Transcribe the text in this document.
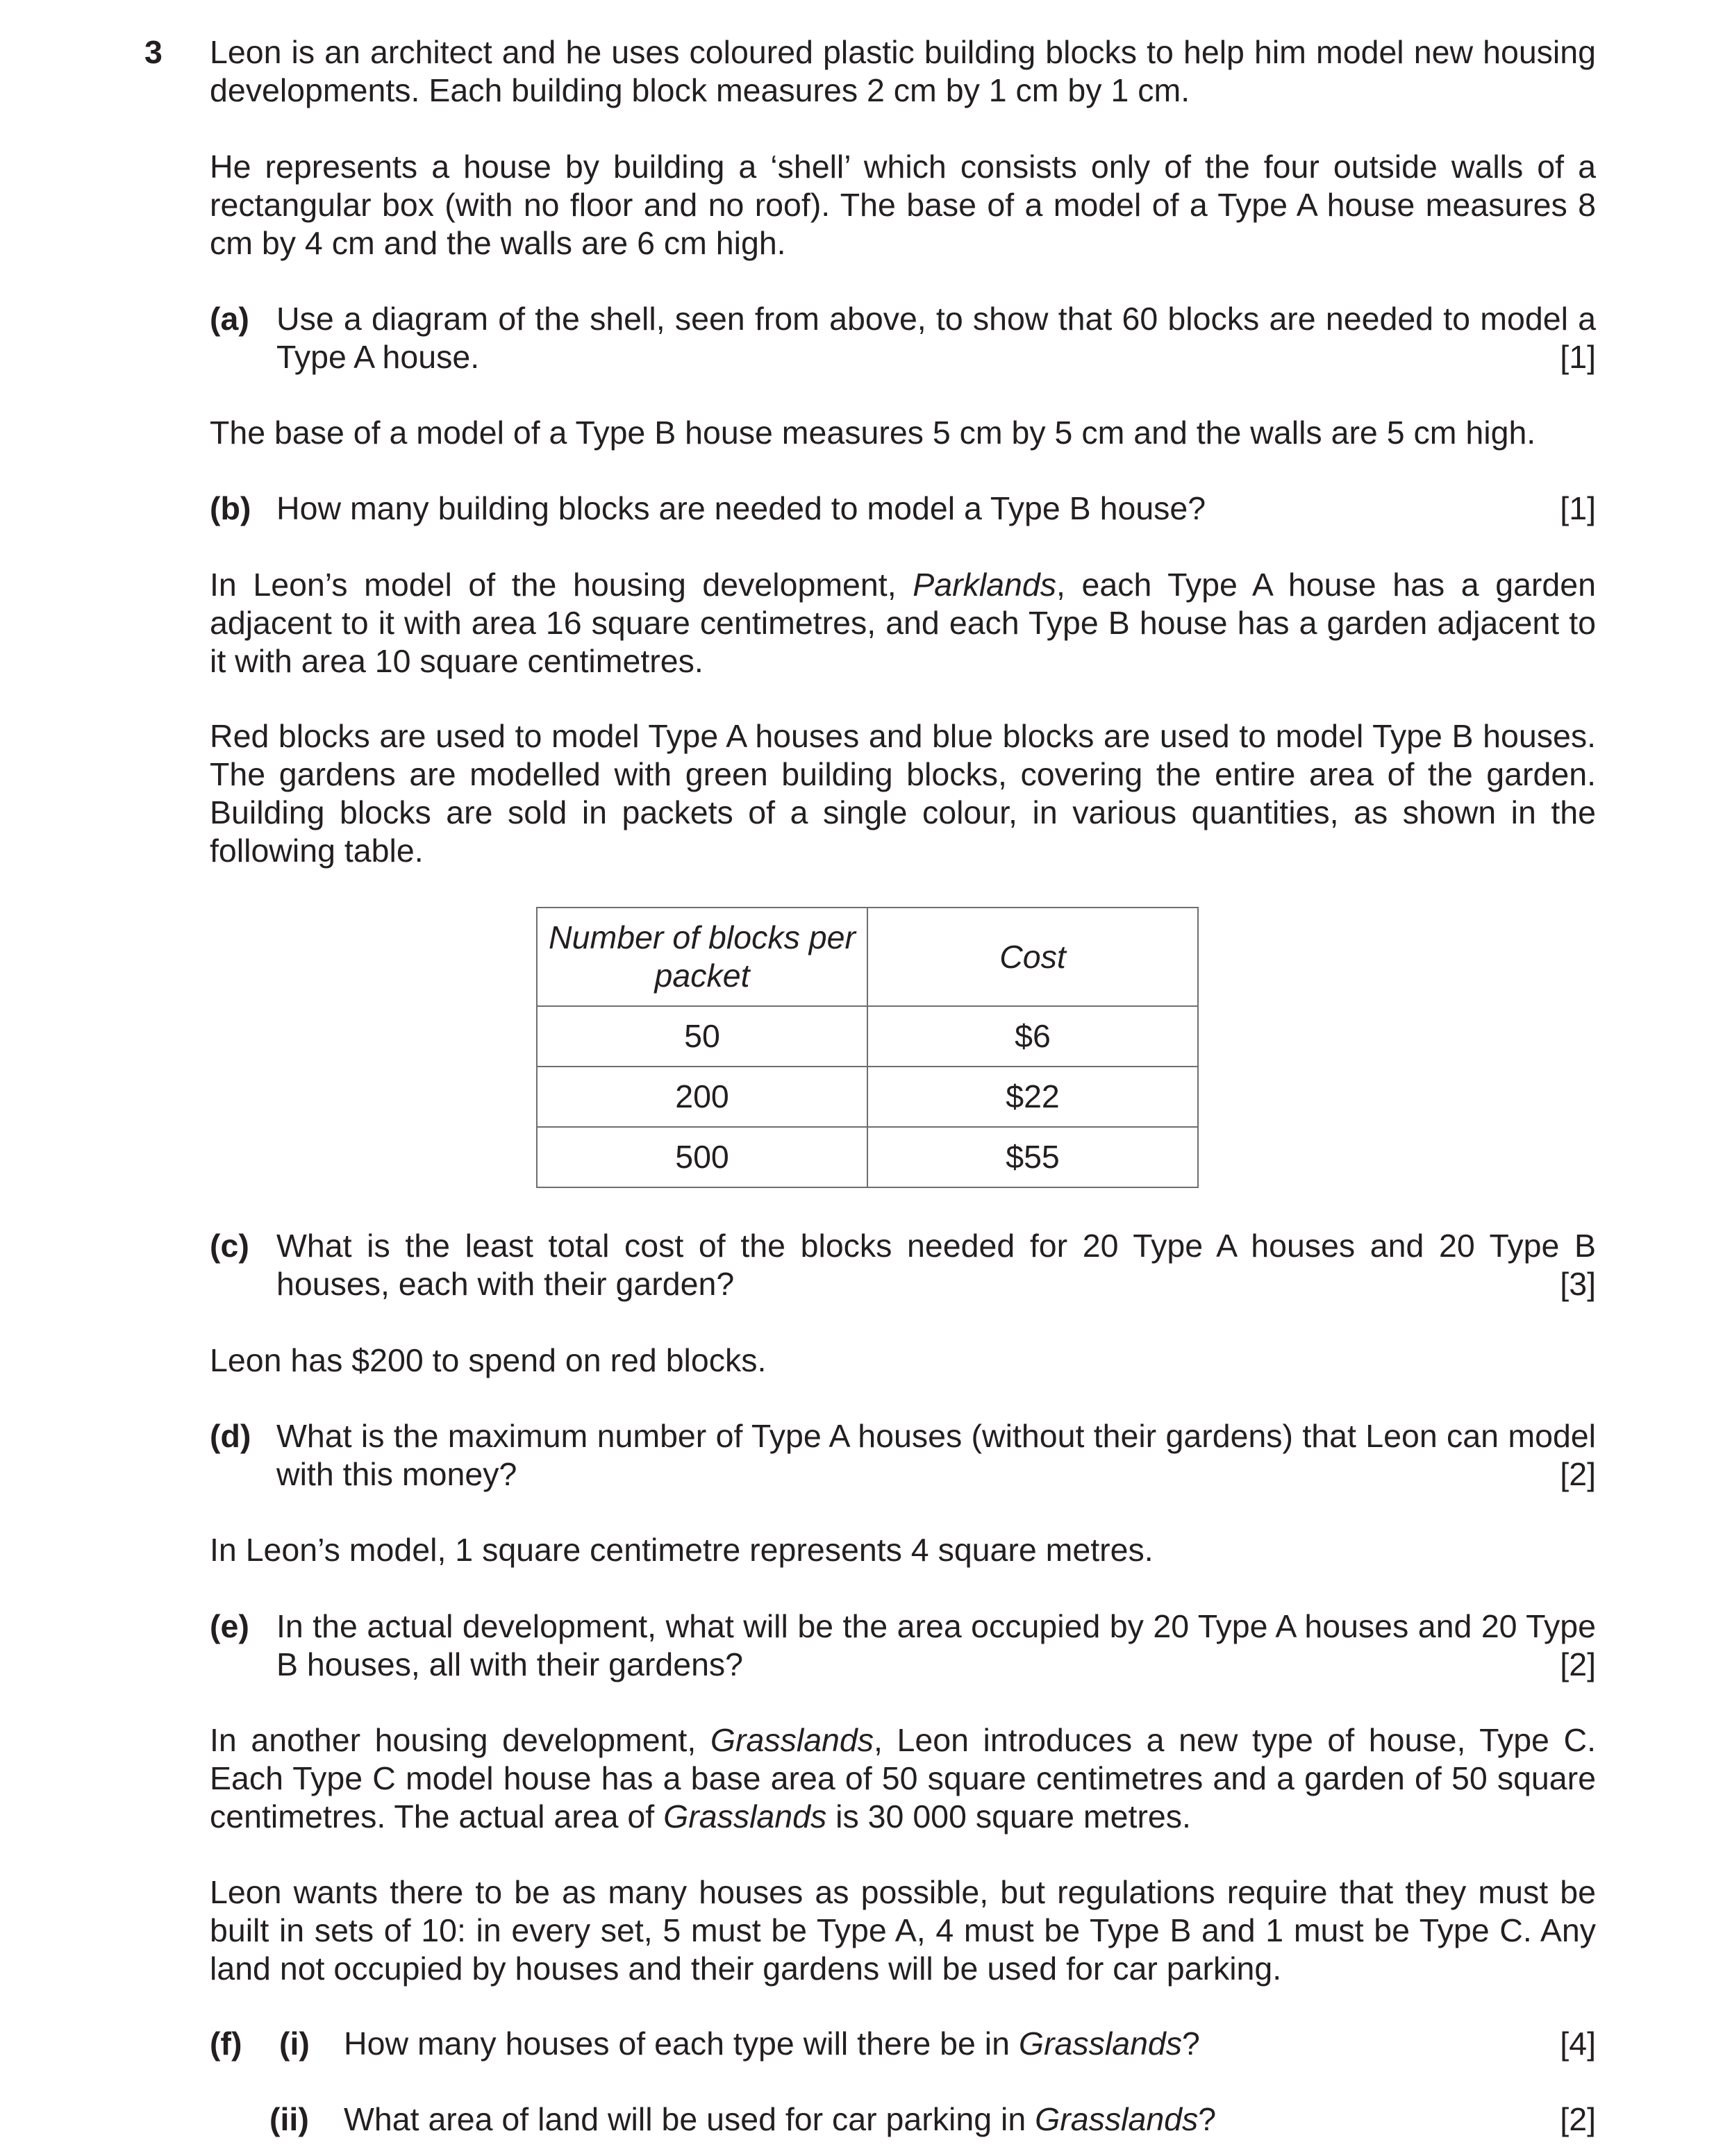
3 Leon is an architect and he uses coloured plastic building blocks to help him model new housing developments. Each building block measures 2 cm by 1 cm by 1 cm.
He represents a house by building a ‘shell’ which consists only of the four outside walls of a rectangular box (with no floor and no roof). The base of a model of a Type A house measures 8 cm by 4 cm and the walls are 6 cm high.
(a) Use a diagram of the shell, seen from above, to show that 60 blocks are needed to model a Type A house.	[1]
The base of a model of a Type B house measures 5 cm by 5 cm and the walls are 5 cm high.
(b) How many building blocks are needed to model a Type B house?	[1]
In Leon’s model of the housing development, Parklands, each Type A house has a garden adjacent to it with area 16 square centimetres, and each Type B house has a garden adjacent to it with area 10 square centimetres.
Red blocks are used to model Type A houses and blue blocks are used to model Type B houses. The gardens are modelled with green building blocks, covering the entire area of the garden. Building blocks are sold in packets of a single colour, in various quantities, as shown in the following table.
Number of blocks per packet	Cost
50	$6
200	$22
500	$55
(c) What is the least total cost of the blocks needed for 20 Type A houses and 20 Type B houses, each with their garden?	[3]
Leon has $200 to spend on red blocks.
(d) What is the maximum number of Type A houses (without their gardens) that Leon can model with this money?	[2]
In Leon’s model, 1 square centimetre represents 4 square metres.
(e) In the actual development, what will be the area occupied by 20 Type A houses and 20 Type B houses, all with their gardens?	[2]
In another housing development, Grasslands, Leon introduces a new type of house, Type C. Each Type C model house has a base area of 50 square centimetres and a garden of 50 square centimetres. The actual area of Grasslands is 30 000 square metres.
Leon wants there to be as many houses as possible, but regulations require that they must be built in sets of 10: in every set, 5 must be Type A, 4 must be Type B and 1 must be Type C. Any land not occupied by houses and their gardens will be used for car parking.
(f) (i) How many houses of each type will there be in Grasslands?	[4]
(ii) What area of land will be used for car parking in Grasslands?	[2]
